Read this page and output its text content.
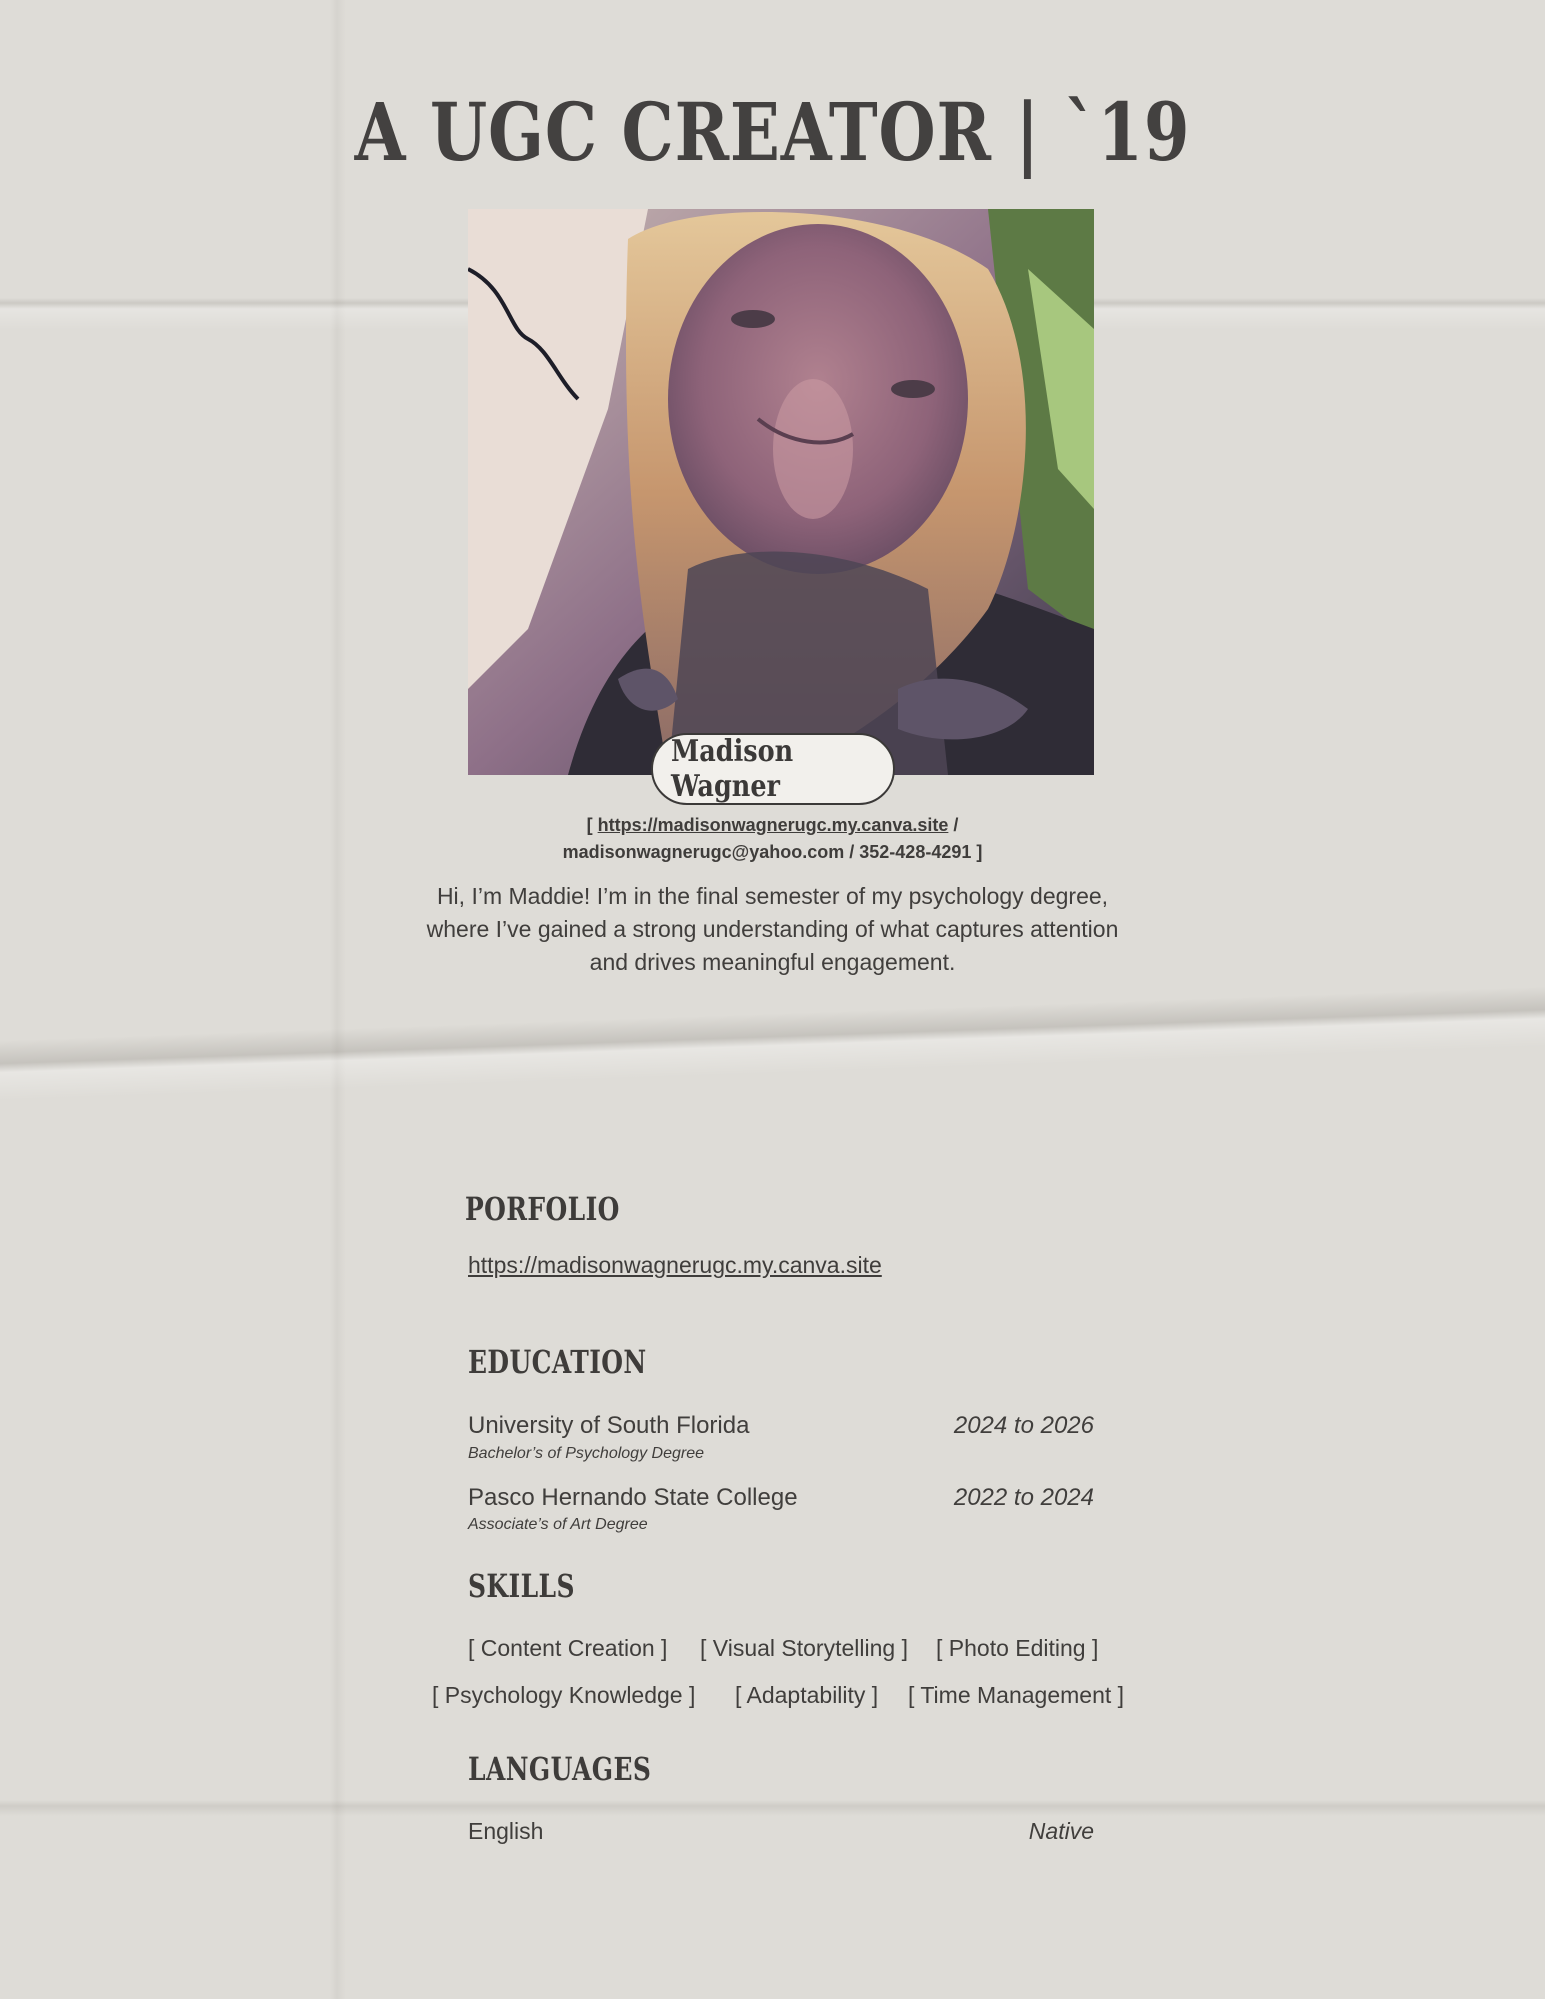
A UGC CREATOR | `19
Madison Wagner
[ https://madisonwagnerugc.my.canva.site /
madisonwagnerugc@yahoo.com / 352-428-4291 ]
Hi, I’m Maddie! I’m in the final semester of my psychology degree, where I’ve gained a strong understanding of what captures attention and drives meaningful engagement.
PORFOLIO
https://madisonwagnerugc.my.canva.site
EDUCATION
University of South Florida	2024 to 2026
Bachelor’s of Psychology Degree
Pasco Hernando State College	2022 to 2024
Associate’s of Art Degree
SKILLS
[ Content Creation ] [ Visual Storytelling ] [ Photo Editing ]
[ Psychology Knowledge ] [ Adaptability ] [ Time Management ]
LANGUAGES
English	Native
